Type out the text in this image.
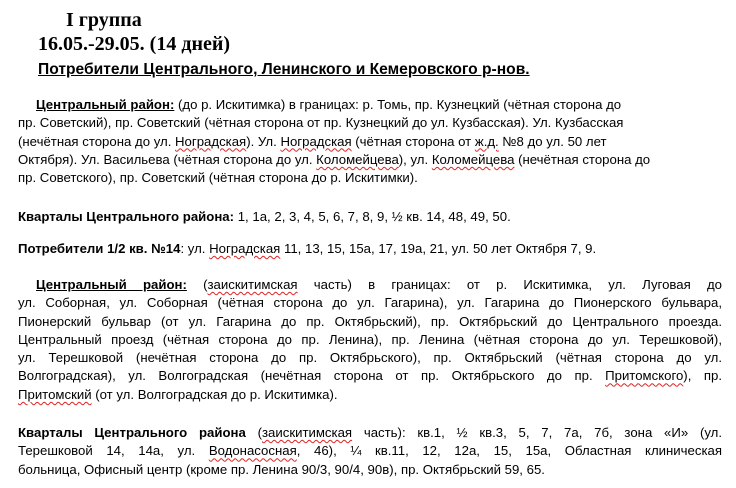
I группа
16.05.-29.05. (14 дней)
Потребители Центрального, Ленинского и Кемеровского р-нов.
Центральный район: (до р. Искитимка) в границах: р. Томь, пр. Кузнецкий (чётная сторона до
пр. Советский), пр. Советский (чётная сторона от пр. Кузнецкий до ул. Кузбасская). Ул. Кузбасская
(нечётная сторона до ул. Ноградская). Ул. Ноградская (чётная сторона от ж.д. №8 до ул. 50 лет
Октября). Ул. Васильева (чётная сторона до ул. Коломейцева), ул. Коломейцева (нечётная сторона до
пр. Советского), пр. Советский (чётная сторона до р. Искитимки).
Кварталы Центрального района: 1, 1а, 2, 3, 4, 5, 6, 7, 8, 9, ½ кв. 14, 48, 49, 50.
Потребители 1/2 кв. №14: ул. Ноградская 11, 13, 15, 15а, 17, 19а, 21, ул. 50 лет Октября 7, 9.
Центральный район: (заискитимская часть) в границах: от р. Искитимка, ул. Луговая до
ул. Соборная, ул. Соборная (чётная сторона до ул. Гагарина), ул. Гагарина до Пионерского бульвара,
Пионерский бульвар (от ул. Гагарина до пр. Октябрьский), пр. Октябрьский до Центрального проезда.
Центральный проезд (чётная сторона до пр. Ленина), пр. Ленина (чётная сторона до ул. Терешковой),
ул. Терешковой (нечётная сторона до пр. Октябрьского), пр. Октябрьский (чётная сторона до ул.
Волгоградская), ул. Волгоградская (нечётная сторона от пр. Октябрьского до пр. Притомского), пр.
Притомский (от ул. Волгоградская до р. Искитимка).
Кварталы Центрального района (заискитимская часть): кв.1, ½ кв.3, 5, 7, 7а, 7б, зона «И» (ул.
Терешковой 14, 14а, ул. Водонасосная, 46), ¼ кв.11, 12, 12а, 15, 15а, Областная клиническая
больница, Офисный центр (кроме пр. Ленина 90/3, 90/4, 90в), пр. Октябрьский 59, 65.
